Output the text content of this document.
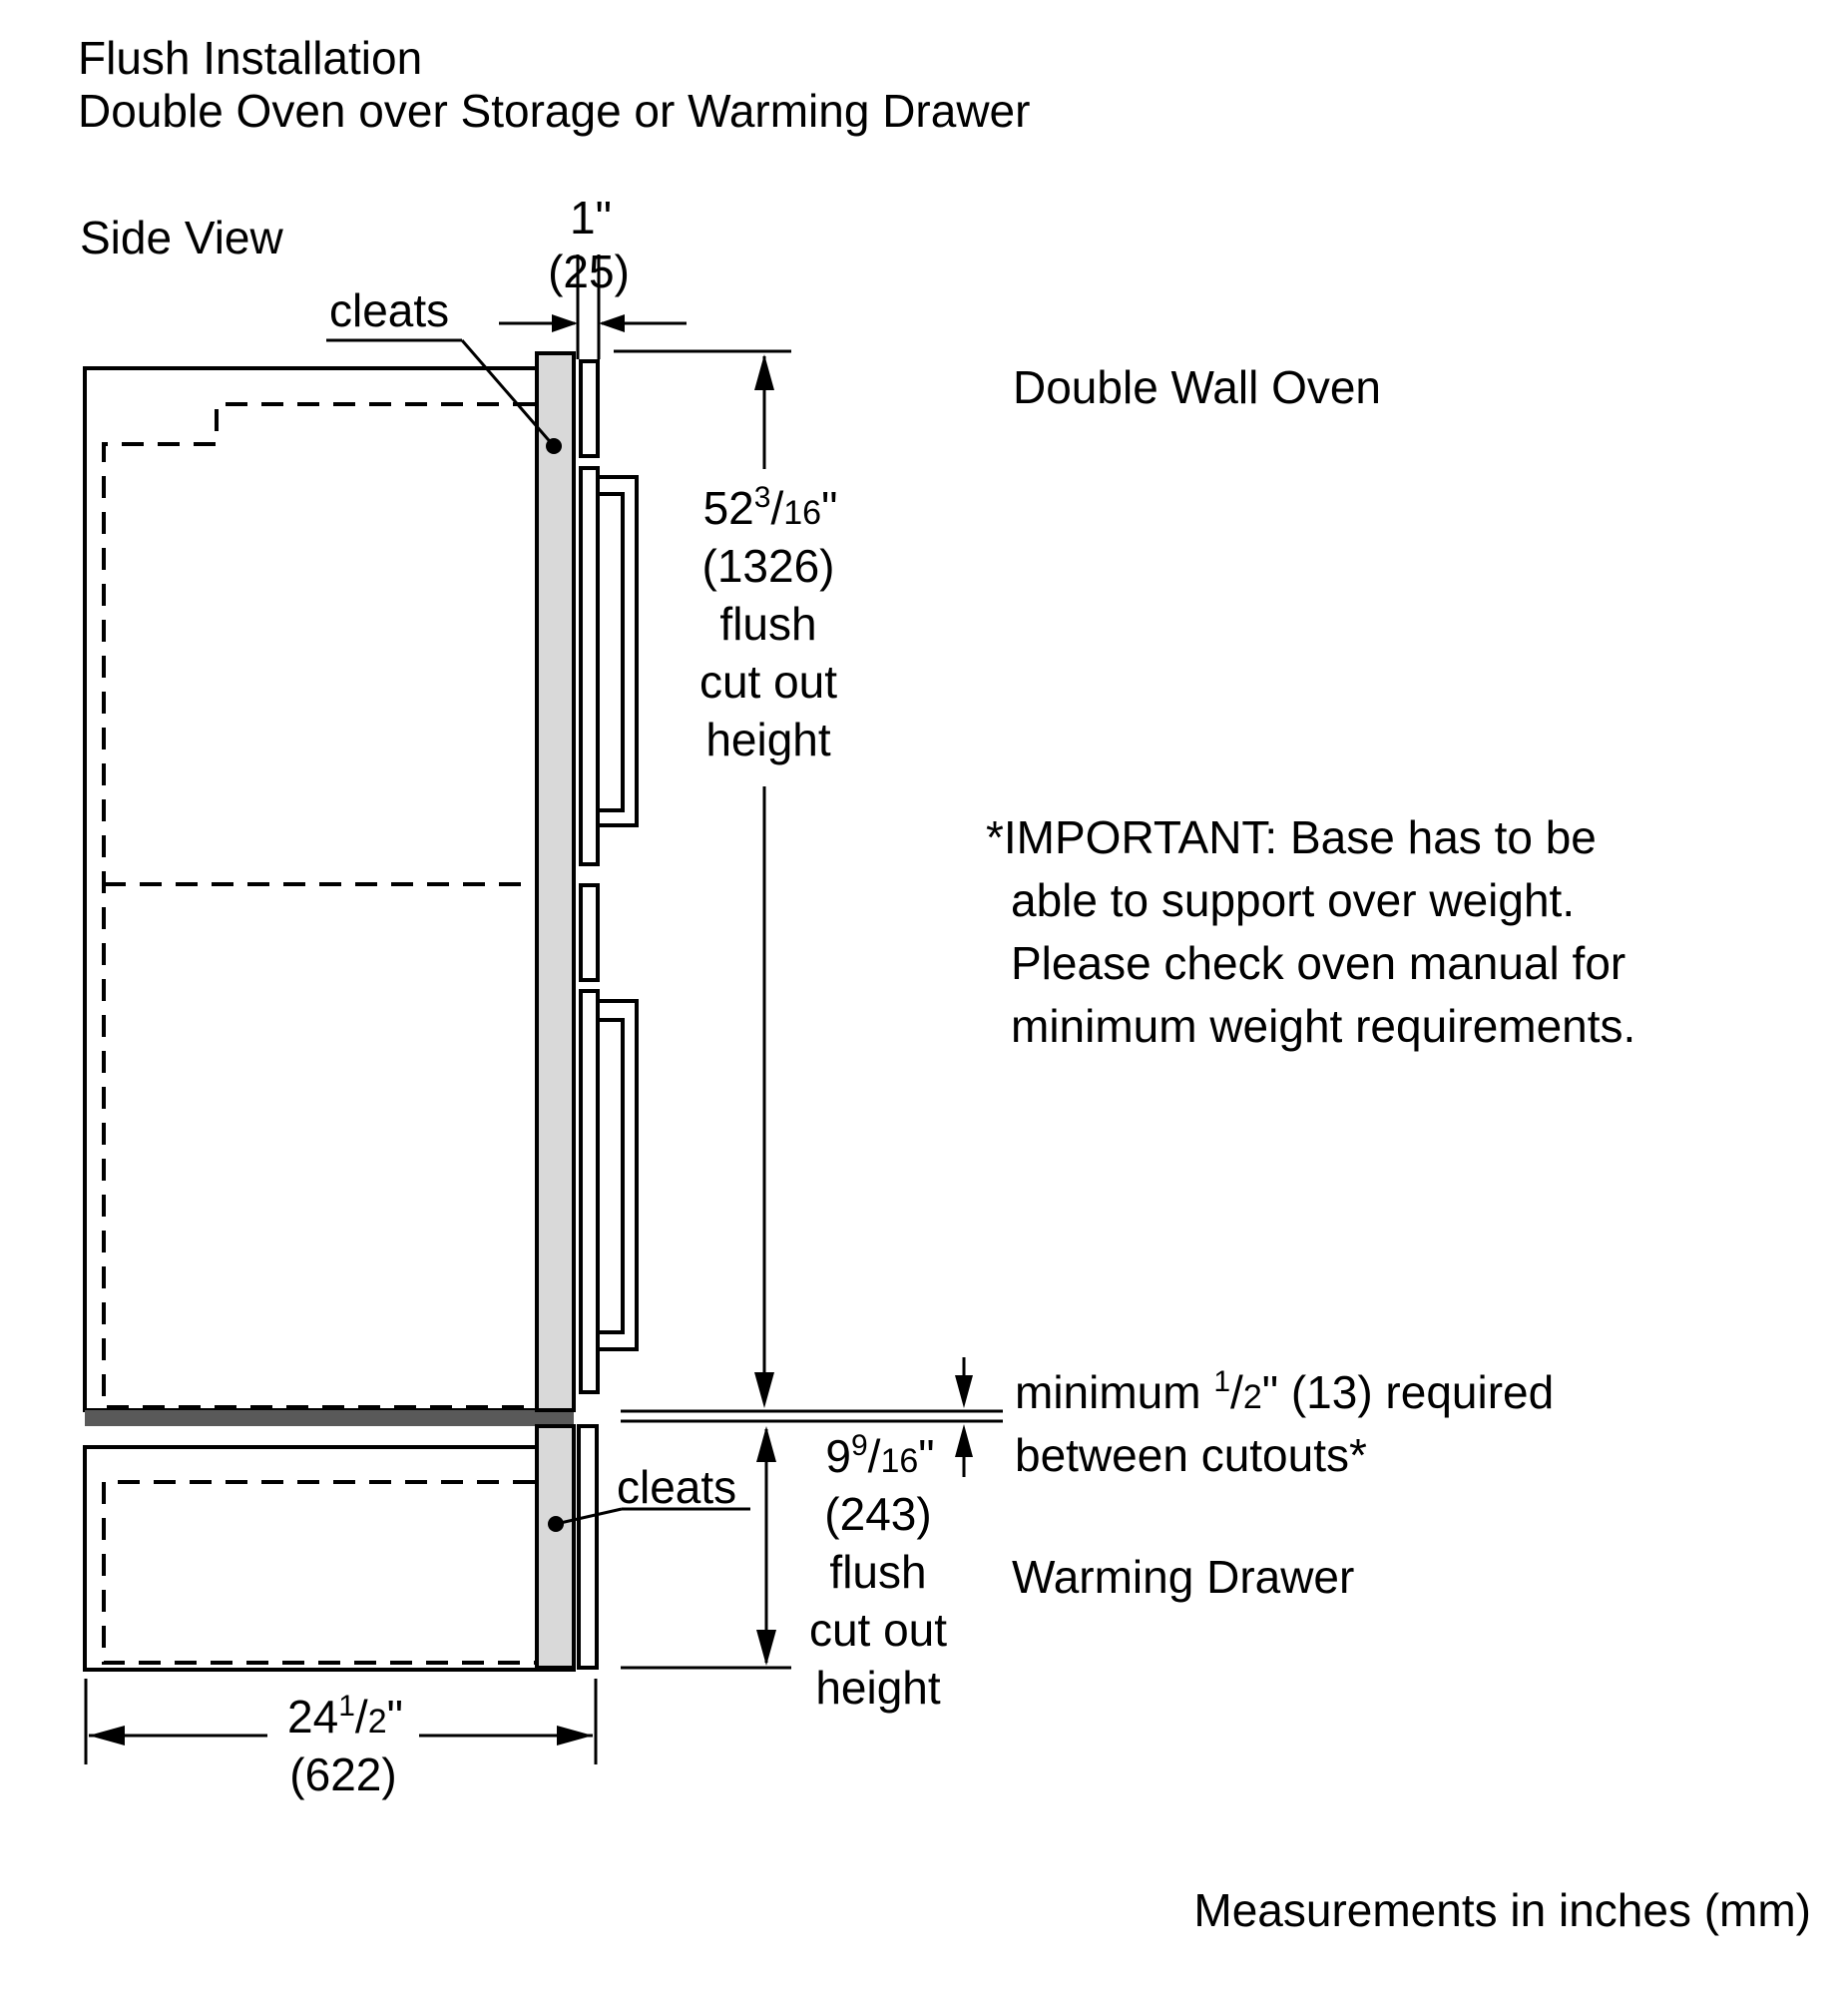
Flush Installation
Double Oven over Storage or Warming Drawer
Side View
cleats
1"
(25)
Double Wall Oven
$52^3/16$"
(1326)
flush
cut out
height
*IMPORTANT: Base has to be
able to support over weight.
Please check oven manual for
minimum weight requirements.
minimum $^1$/2" (13) required
between cutouts*
$9^9/16$"
(243)
flush
cut out
height
cleats
Warming Drawer
$24^1/2$"
(622)
Measurements in inches (mm)
